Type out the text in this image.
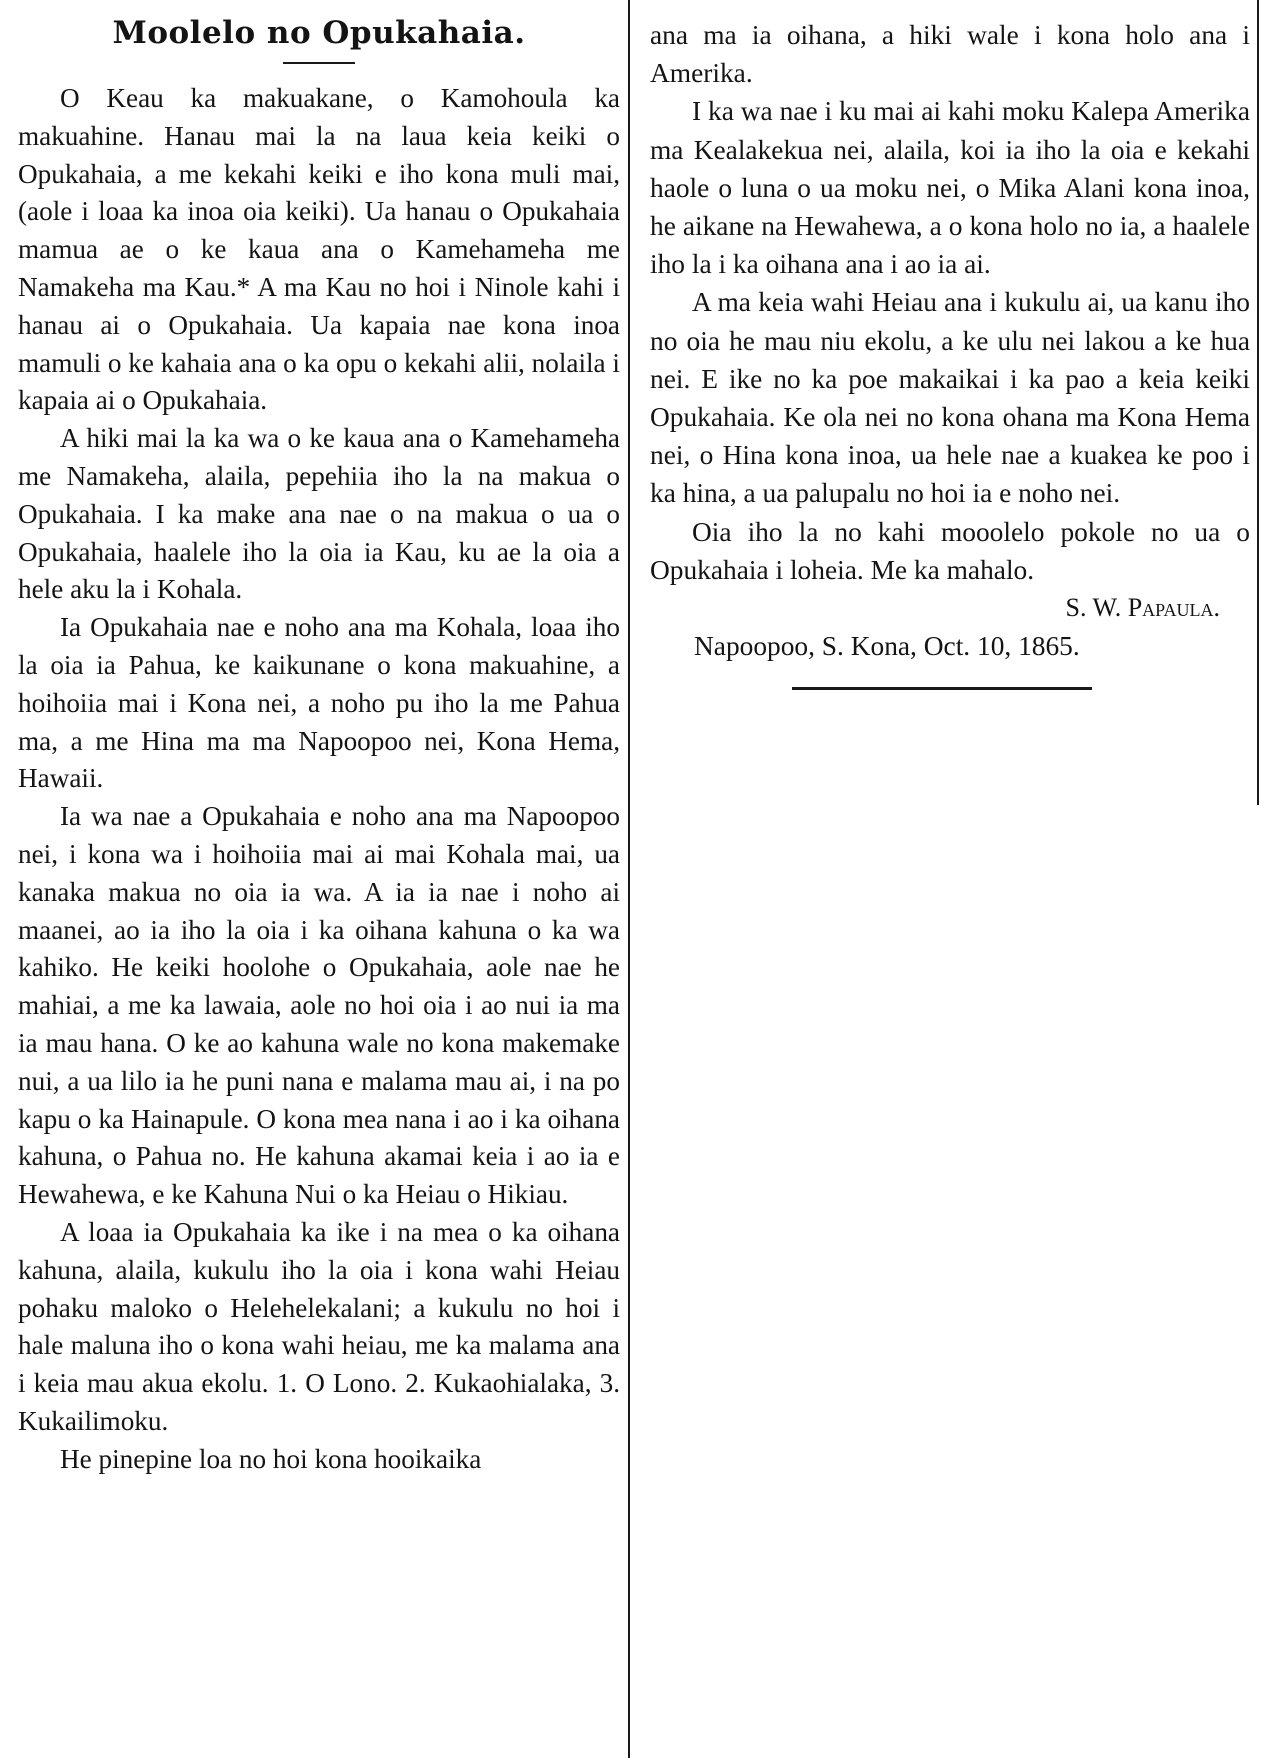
Moolelo no Opukahaia.

O Keau ka makuakane, o Kamohoula ka makuahine. Hanau mai la na laua keia keiki o Opukahaia, a me kekahi keiki e iho kona muli mai, (aole i loaa ka inoa oia keiki). Ua hanau o Opukahaia mamua ae o ke kaua ana o Kamehameha me Namakeha ma Kau.* A ma Kau no hoi i Ninole kahi i hanau ai o Opukahaia. Ua kapaia nae kona inoa mamuli o ke kahaia ana o ka opu o kekahi alii, nolaila i kapaia ai o Opukahaia.

A hiki mai la ka wa o ke kaua ana o Kamehameha me Namakeha, alaila, pepehiia iho la na makua o Opukahaia. I ka make ana nae o na makua o ua o Opukahaia, haalele iho la oia ia Kau, ku ae la oia a hele aku la i Kohala.

Ia Opukahaia nae e noho ana ma Kohala, loaa iho la oia ia Pahua, ke kaikunane o kona makuahine, a hoihoiia mai i Kona nei, a noho pu iho la me Pahua ma, a me Hina ma ma Napoopoo nei, Kona Hema, Hawaii.

Ia wa nae a Opukahaia e noho ana ma Napoopoo nei, i kona wa i hoihoiia mai ai mai Kohala mai, ua kanaka makua no oia ia wa. A ia ia nae i noho ai maanei, ao ia iho la oia i ka oihana kahuna o ka wa kahiko. He keiki hoolohe o Opukahaia, aole nae he mahiai, a me ka lawaia, aole no hoi oia i ao nui ia ma ia mau hana. O ke ao kahuna wale no kona makemake nui, a ua lilo ia he puni nana e malama mau ai, i na po kapu o ka Hainapule. O kona mea nana i ao i ka oihana kahuna, o Pahua no. He kahuna akamai keia i ao ia e Hewahewa, e ke Kahuna Nui o ka Heiau o Hikiau.

A loaa ia Opukahaia ka ike i na mea o ka oihana kahuna, alaila, kukulu iho la oia i kona wahi Heiau pohaku maloko o Helehelekalani; a kukulu no hoi i hale maluna iho o kona wahi heiau, me ka malama ana i keia mau akua ekolu. 1. O Lono. 2. Kukaohialaka, 3. Kukailimoku.

He pinepine loa no hoi kona hooikaika

ana ma ia oihana, a hiki wale i kona holo ana i Amerika.

I ka wa nae i ku mai ai kahi moku Kalepa Amerika ma Kealakekua nei, alaila, koi ia iho la oia e kekahi haole o luna o ua moku nei, o Mika Alani kona inoa, he aikane na Hewahewa, a o kona holo no ia, a haalele iho la i ka oihana ana i ao ia ai.

A ma keia wahi Heiau ana i kukulu ai, ua kanu iho no oia he mau niu ekolu, a ke ulu nei lakou a ke hua nei. E ike no ka poe makaikai i ka pao a keia keiki Opukahaia. Ke ola nei no kona ohana ma Kona Hema nei, o Hina kona inoa, ua hele nae a kuakea ke poo i ka hina, a ua palupalu no hoi ia e noho nei.

Oia iho la no kahi mooolelo pokole no ua o Opukahaia i loheia. Me ka mahalo.

S. W. Papaula.

Napoopoo, S. Kona, Oct. 10, 1865.
